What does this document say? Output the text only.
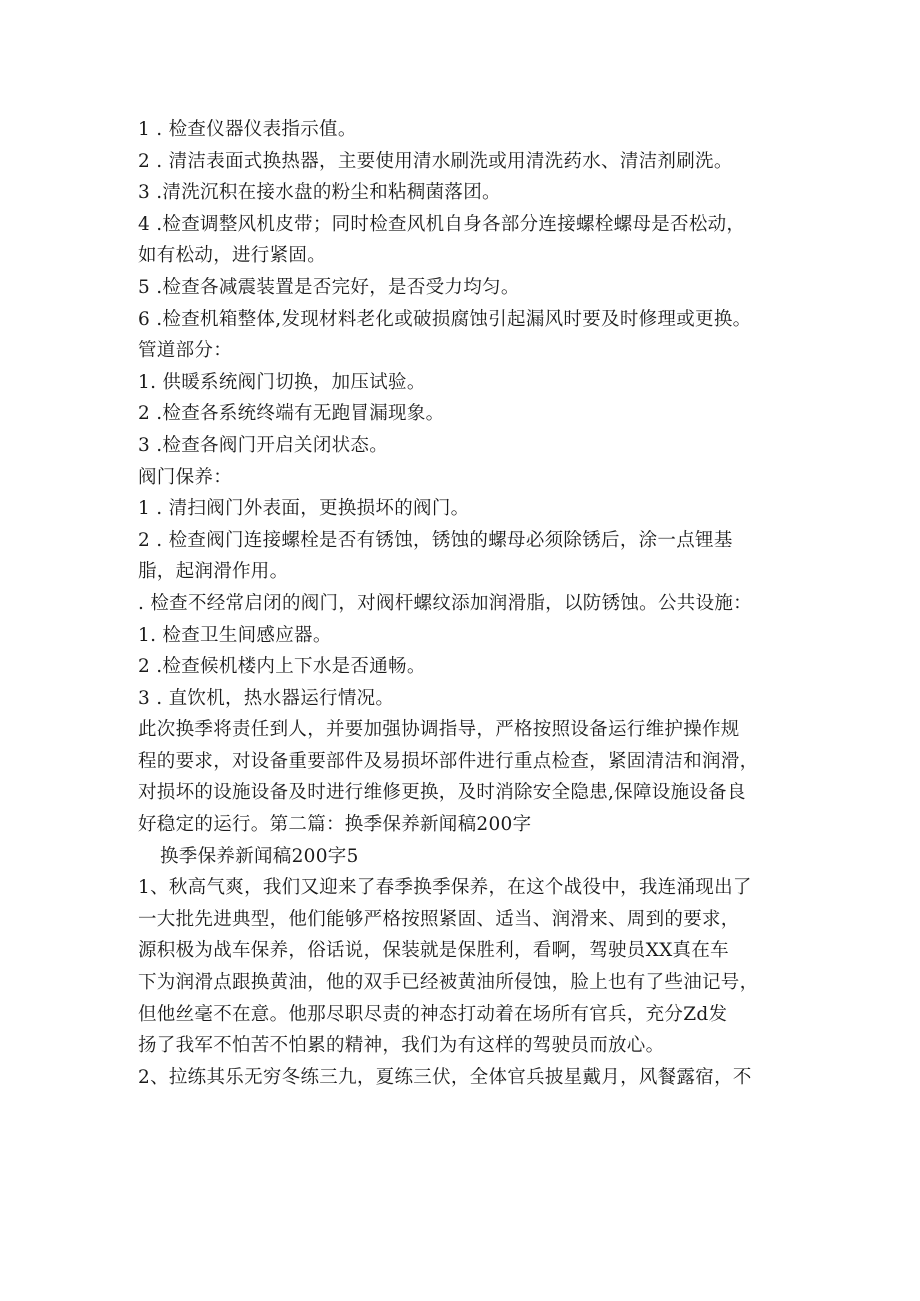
1 . 检查仪器仪表指示值。
2 . 清洁表面式换热器，主要使用清水刷洗或用清洗药水、清洁剂刷洗。
3 .清洗沉积在接水盘的粉尘和粘稠菌落团。
4 .检查调整风机皮带；同时检查风机自身各部分连接螺栓螺母是否松动，
如有松动，进行紧固。
5 .检查各减震装置是否完好，是否受力均匀。
6 .检查机箱整体,发现材料老化或破损腐蚀引起漏风时要及时修理或更换。
管道部分：
1. 供暖系统阀门切换，加压试验。
2 .检查各系统终端有无跑冒漏现象。
3 .检查各阀门开启关闭状态。
阀门保养：
1 . 清扫阀门外表面，更换损坏的阀门。
2 . 检查阀门连接螺栓是否有锈蚀，锈蚀的螺母必须除锈后，涂一点锂基
脂，起润滑作用。
. 检查不经常启闭的阀门，对阀杆螺纹添加润滑脂，以防锈蚀。公共设施：
1. 检查卫生间感应器。
2 .检查候机楼内上下水是否通畅。
3 . 直饮机，热水器运行情况。
此次换季将责任到人，并要加强协调指导，严格按照设备运行维护操作规
程的要求，对设备重要部件及易损坏部件进行重点检查，紧固清洁和润滑，
对损坏的设施设备及时进行维修更换，及时消除安全隐患,保障设施设备良
好稳定的运行。第二篇：换季保养新闻稿200字
换季保养新闻稿200字5
1、秋高气爽，我们又迎来了春季换季保养，在这个战役中，我连涌现出了
一大批先进典型，他们能够严格按照紧固、适当、润滑来、周到的要求，
源积极为战车保养，俗话说，保装就是保胜利，看啊，驾驶员XX真在车
下为润滑点跟换黄油，他的双手已经被黄油所侵蚀，脸上也有了些油记号，
但他丝毫不在意。他那尽职尽责的神态打动着在场所有官兵，充分Zd发
扬了我军不怕苦不怕累的精神，我们为有这样的驾驶员而放心。
2、拉练其乐无穷冬练三九，夏练三伏，全体官兵披星戴月，风餐露宿，不
